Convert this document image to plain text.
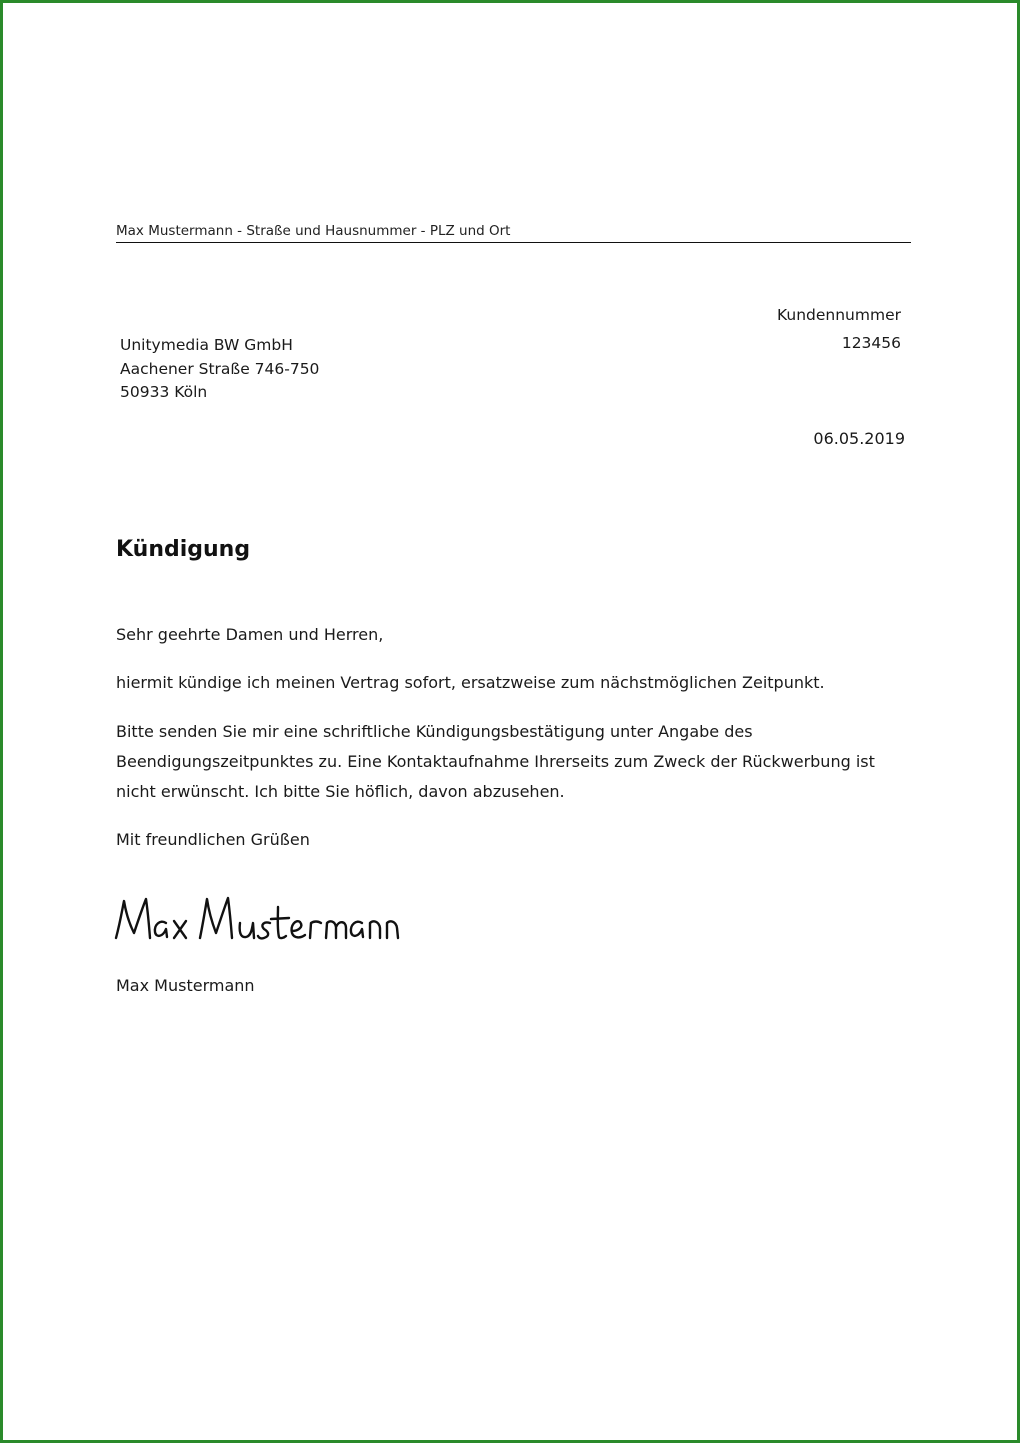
Max Mustermann - Straße und Hausnummer - PLZ und Ort
Kundennummer
123456
Unitymedia BW GmbH
Aachener Straße 746-750
50933 Köln
06.05.2019
Kündigung
Sehr geehrte Damen und Herren,
hiermit kündige ich meinen Vertrag sofort, ersatzweise zum nächstmöglichen Zeitpunkt.
Bitte senden Sie mir eine schriftliche Kündigungsbestätigung unter Angabe des Beendigungszeitpunktes zu. Eine Kontaktaufnahme Ihrerseits zum Zweck der Rückwerbung ist nicht erwünscht. Ich bitte Sie höflich, davon abzusehen.
Mit freundlichen Grüßen
Max Mustermann
